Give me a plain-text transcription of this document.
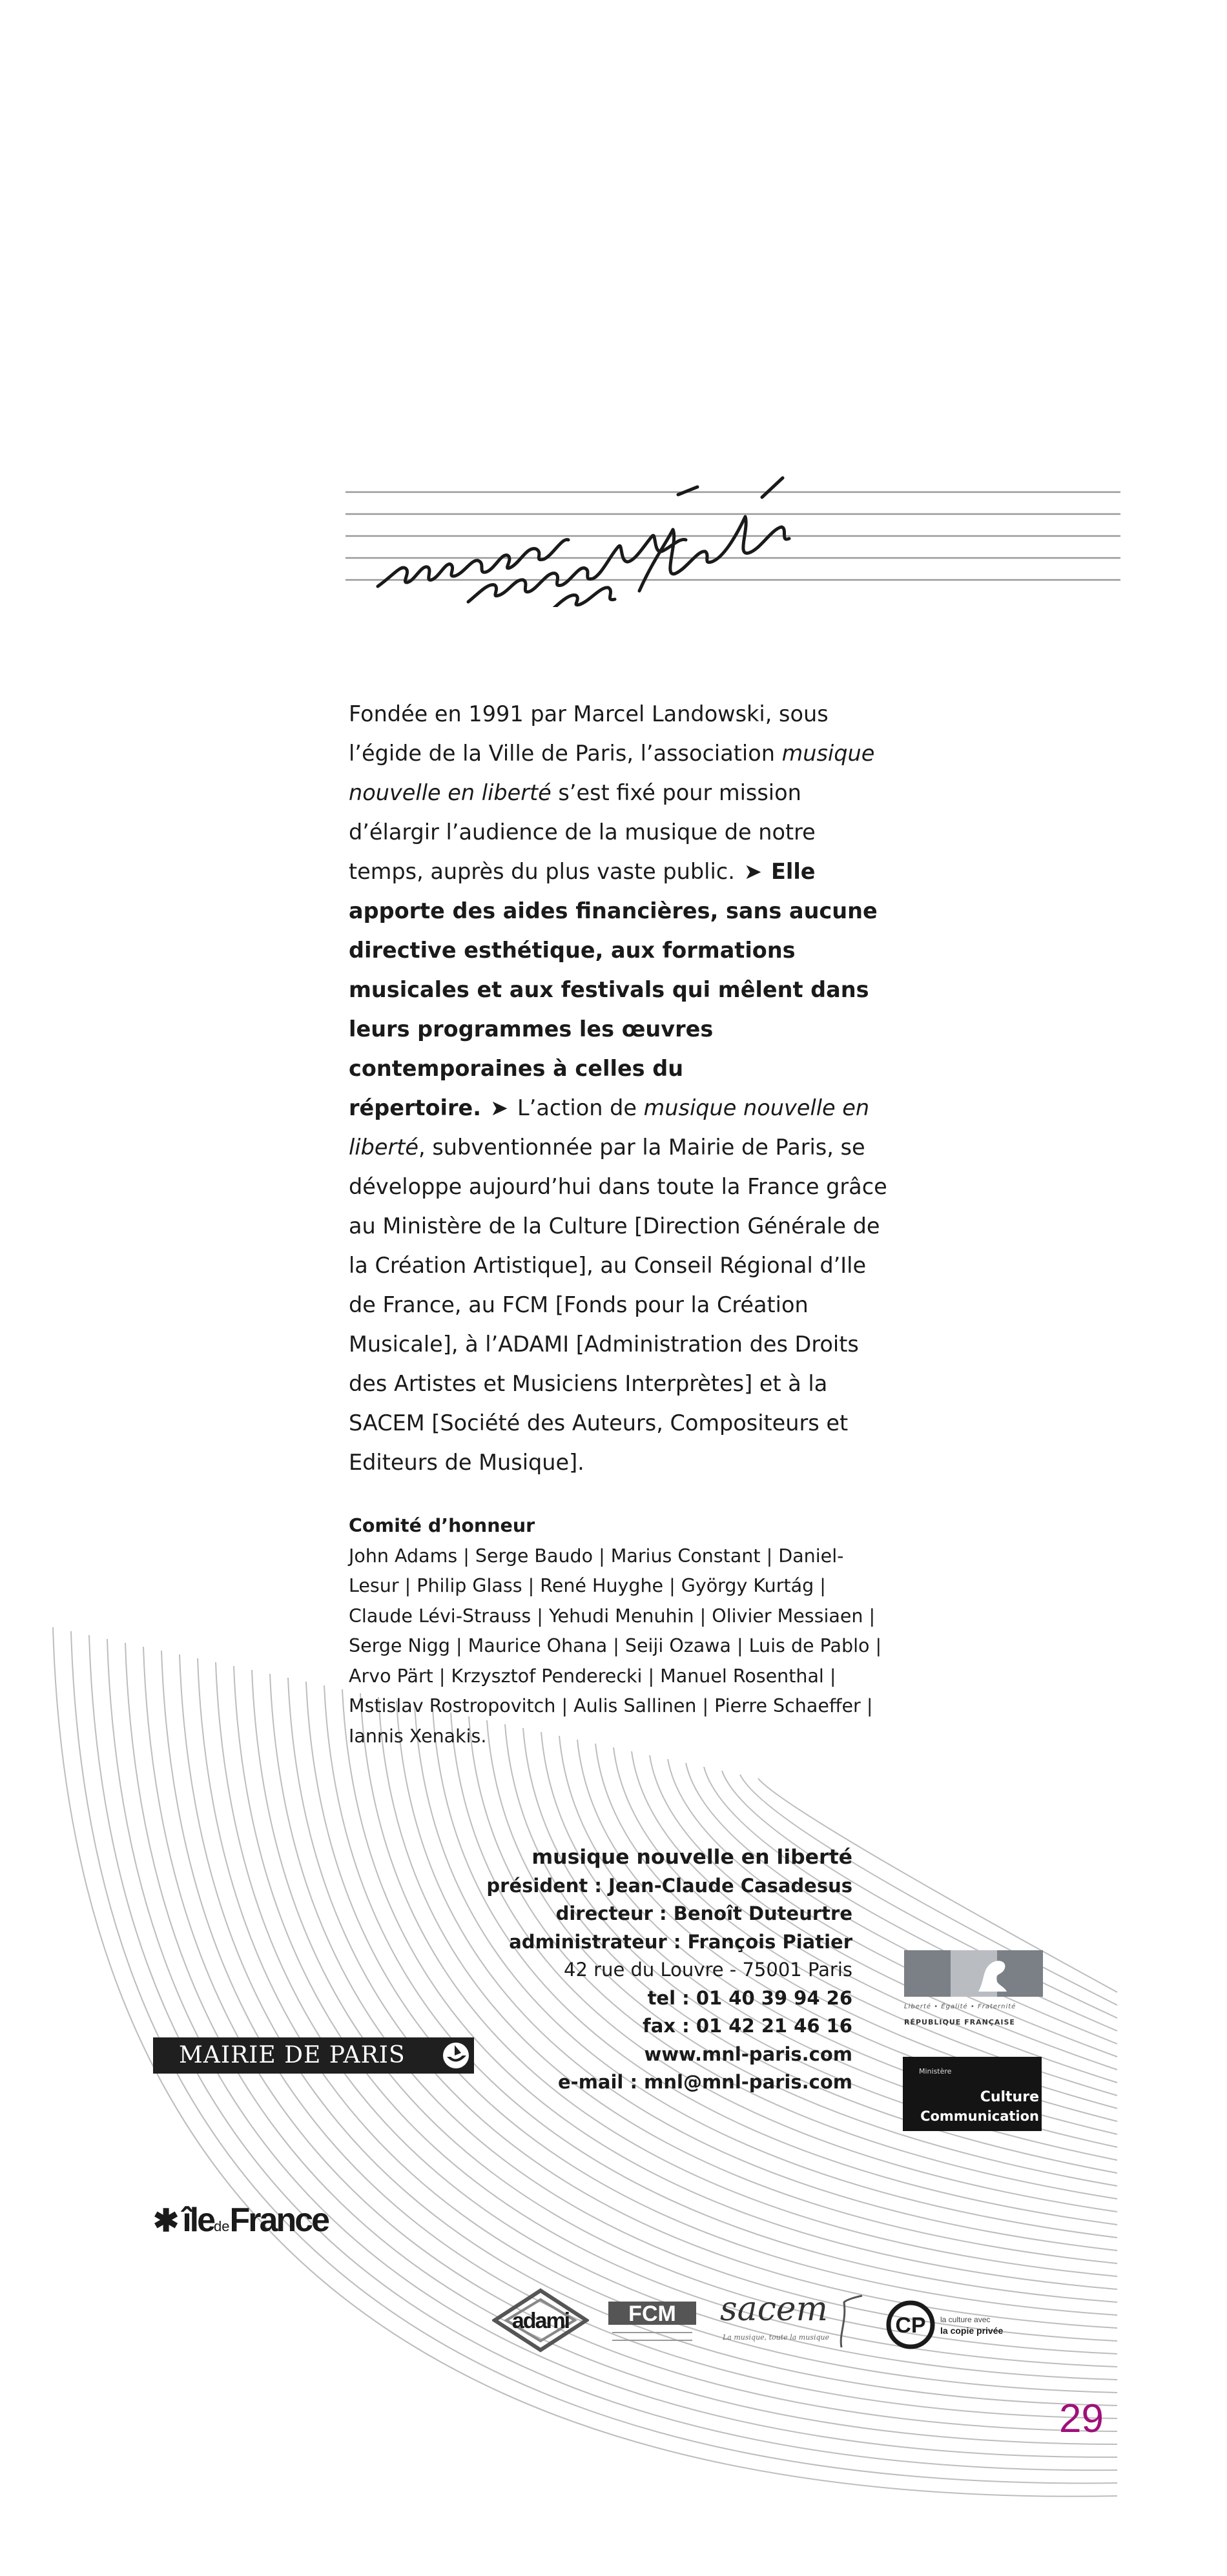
Fondée en 1991 par Marcel Landowski, sous l’égide de la Ville de Paris, l’association musique nouvelle en liberté s’est fixé pour mission d’élargir l’audience de la musique de notre temps, auprès du plus vaste public. ➤ Elle apporte des aides financières, sans aucune directive esthétique, aux formations musicales et aux festivals qui mêlent dans leurs programmes les œuvres contemporaines à celles du répertoire. ➤ L’action de musique nouvelle en liberté, subventionnée par la Mairie de Paris, se développe aujourd’hui dans toute la France grâce au Ministère de la Culture [Direction Générale de la Création Artistique], au Conseil Régional d’Ile de France, au FCM [Fonds pour la Création Musicale], à l’ADAMI [Administration des Droits des Artistes et Musiciens Interprètes] et à la SACEM [Société des Auteurs, Compositeurs et Editeurs de Musique].
Comité d’honneur
John Adams | Serge Baudo | Marius Constant | Daniel-Lesur | Philip Glass | René Huyghe | György Kurtág | Claude Lévi-Strauss | Yehudi Menuhin | Olivier Messiaen | Serge Nigg | Maurice Ohana | Seiji Ozawa | Luis de Pablo | Arvo Pärt | Krzysztof Penderecki | Manuel Rosenthal | Mstislav Rostropovitch | Aulis Sallinen | Pierre Schaeffer | Iannis Xenakis.
musique nouvelle en liberté
président : Jean-Claude Casadesus
directeur : Benoît Duteurtre
administrateur : François Piatier
42 rue du Louvre - 75001 Paris
tel : 01 40 39 94 26
fax : 01 42 21 46 16
www.mnl-paris.com
e-mail : mnl@mnl-paris.com
MAIRIE DE PARIS
✱ îledeFrance
Liberté • Égalité • Fraternité
RÉPUBLIQUE FRANÇAISE
Ministère
Culture
Communication
adami	FCM sacem
La musique, toute la musique	CP la culture avec
la copie privée
29
